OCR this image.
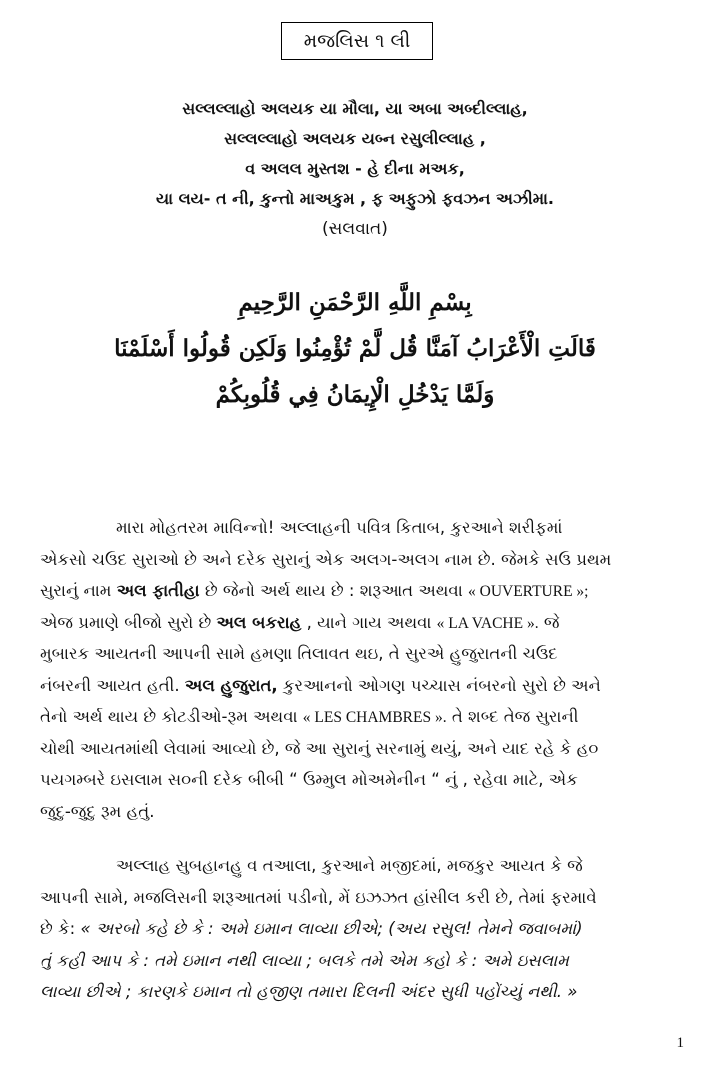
મજલિસ ૧ લી
સલ્લલ્લાહો અલયક યા મૌલા, યા અબા અબ્દીલ્લાહ,
સલ્લલ્લાહો અલયક યબ્ન રસુલીલ્લાહ ,
વ અલલ મુસ્તશ - હે દીના મઅક,
યા લય- ત ની, કુન્તો માઅકુમ , ફ અફુઝો ફવઝન અઝીમા.
(સલવાત)
بِسْمِ اللَّهِ الرَّحْمَنِ الرَّحِيمِ
قَالَتِ الْأَعْرَابُ آمَنَّا قُل لَّمْ تُؤْمِنُوا وَلَكِن قُولُوا أَسْلَمْنَا
وَلَمَّا يَدْخُلِ الْإِيمَانُ فِي قُلُوبِكُمْ
મારા મોહતરમ માવિન્નો! અલ્લાહની પવિત્ર કિતાબ, કુરઆને શરીફમાં
એકસો ચઉદ સુરાઓ છે અને દરેક સુરાનું એક અલગ-અલગ નામ છે. જેમકે સઉ પ્રથમ
સુરાનું નામ અલ ફાતીહા છે જેનો અર્થ થાય છે : શરૂઆત અથવા « OUVERTURE »;
એજ પ્રમાણે બીજો સુરો છે અલ બકરાહ , યાને ગાય અથવા « LA VACHE ». જે
મુબારક આયતની આપની સામે હમણા તિલાવત થઇ, તે સુરએ હુજુરાતની ચઉદ
નંબરની આયત હતી. અલ હુજુરાત, કુરઆનનો ઓગણ પચ્ચાસ નંબરનો સુરો છે અને
તેનો અર્થ થાય છે કોટડીઓ-રૂમ અથવા « LES CHAMBRES ». તે શબ્દ તેજ સુરાની
ચોથી આયતમાંથી લેવામાં આવ્યો છે, જે આ સુરાનું સરનામું થયું, અને યાદ રહે કે હ૦
પયગમ્બરે ઇસલામ સ૦ની દરેક બીબી “ ઉમ્મુલ મોઅમેનીન “ નું , રહેવા માટે, એક
જુદુ-જુદુ રૂમ હતું.
અલ્લાહ સુબહાનહુ વ તઆલા, કુરઆને મજીદમાં, મજકુર આયત કે જે
આપની સામે, મજલિસની શરૂઆતમાં પડીનો, મેં ઇઝઝત હાંસીલ કરી છે, તેમાં ફરમાવે
છે કે: « અરબો કહે છે કે : અમે ઇમાન લાવ્યા છીએ; (અય રસુલ! તેમને જવાબમાં)
તું કહી આપ કે : તમે ઇમાન નથી લાવ્યા ; બલકે તમે એમ કહો કે : અમે ઇસલામ
લાવ્યા છીએ ; કારણકે ઇમાન તો હજીણ તમારા દિલની અંદર સુધી પહોંચ્યું નથી. »
1
